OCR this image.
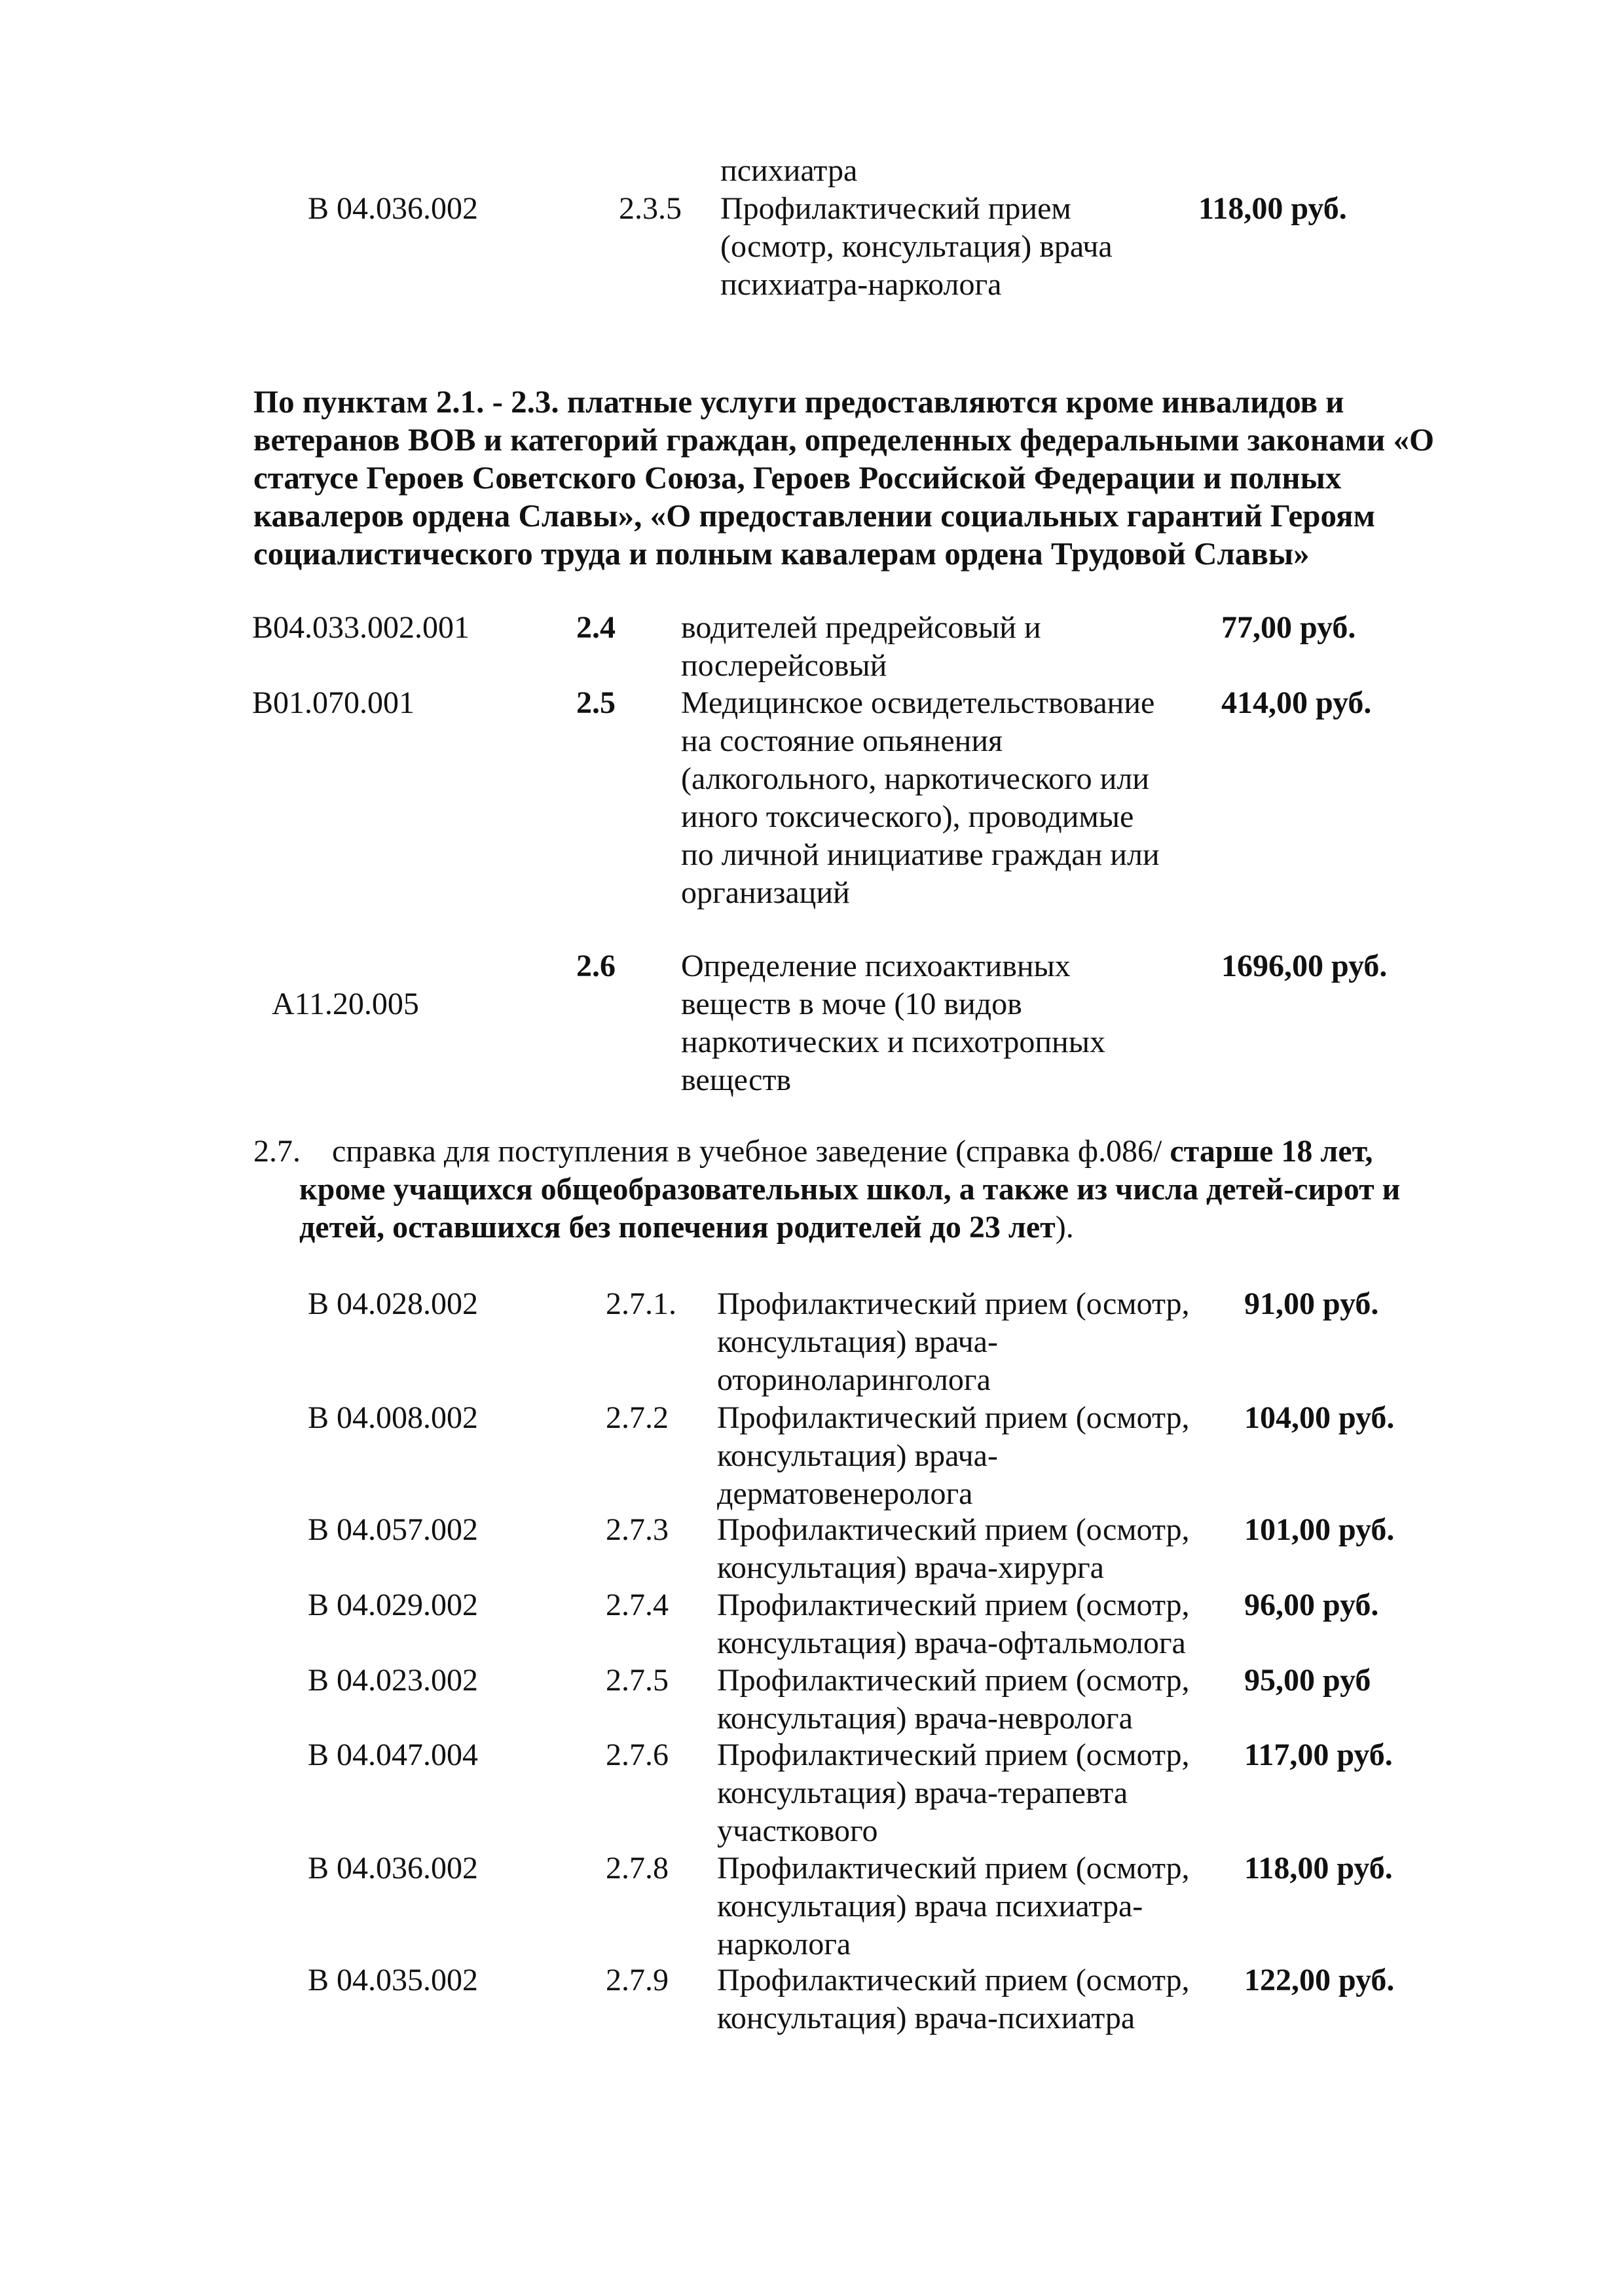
В 04.036.002	2.3.5
психиатра
Профилактический прием
(осмотр, консультация) врача
психиатра-нарколога
118,00 руб.
По пунктам 2.1. - 2.3. платные услуги предоставляются кроме инвалидов и
ветеранов ВОВ и категорий граждан, определенных федеральными законами «О
статусе Героев Советского Союза, Героев Российской Федерации и полных
кавалеров ордена Славы», «О предоставлении социальных гарантий Героям
социалистического труда и полным кавалерам ордена Трудовой Славы»
В04.033.002.001	2.4 водителей предрейсовый и
послерейсовый
77,00 руб.
В01.070.001	2.5 Медицинское освидетельствование
на состояние опьянения
(алкогольного, наркотического или
иного токсического), проводимые
по личной инициативе граждан или
организаций
414,00 руб.
А11.20.005
2.6 Определение психоактивных
веществ в моче (10 видов
наркотических и психотропных
веществ
1696,00 руб.
2.7. справка для поступления в учебное заведение (справка ф.086/ старше 18 лет,
кроме учащихся общеобразовательных школ, а также из числа детей-сирот и
детей, оставшихся без попечения родителей до 23 лет).
В 04.028.002	2.7.1. Профилактический прием (осмотр,
консультация) врача-
оториноларинголога
91,00 руб.
В 04.008.002	2.7.2 Профилактический прием (осмотр,
консультация) врача-
дерматовенеролога
104,00 руб.
В 04.057.002	2.7.3 Профилактический прием (осмотр,
консультация) врача-хирурга
101,00 руб.
В 04.029.002	2.7.4 Профилактический прием (осмотр,
консультация) врача-офтальмолога
96,00 руб.
В 04.023.002	2.7.5 Профилактический прием (осмотр,
консультация) врача-невролога
95,00 руб
В 04.047.004	2.7.6 Профилактический прием (осмотр,
консультация) врача-терапевта
участкового
117,00 руб.
В 04.036.002	2.7.8 Профилактический прием (осмотр,
консультация) врача психиатра-
нарколога
118,00 руб.
В 04.035.002	2.7.9 Профилактический прием (осмотр,
консультация) врача-психиатра
122,00 руб.
